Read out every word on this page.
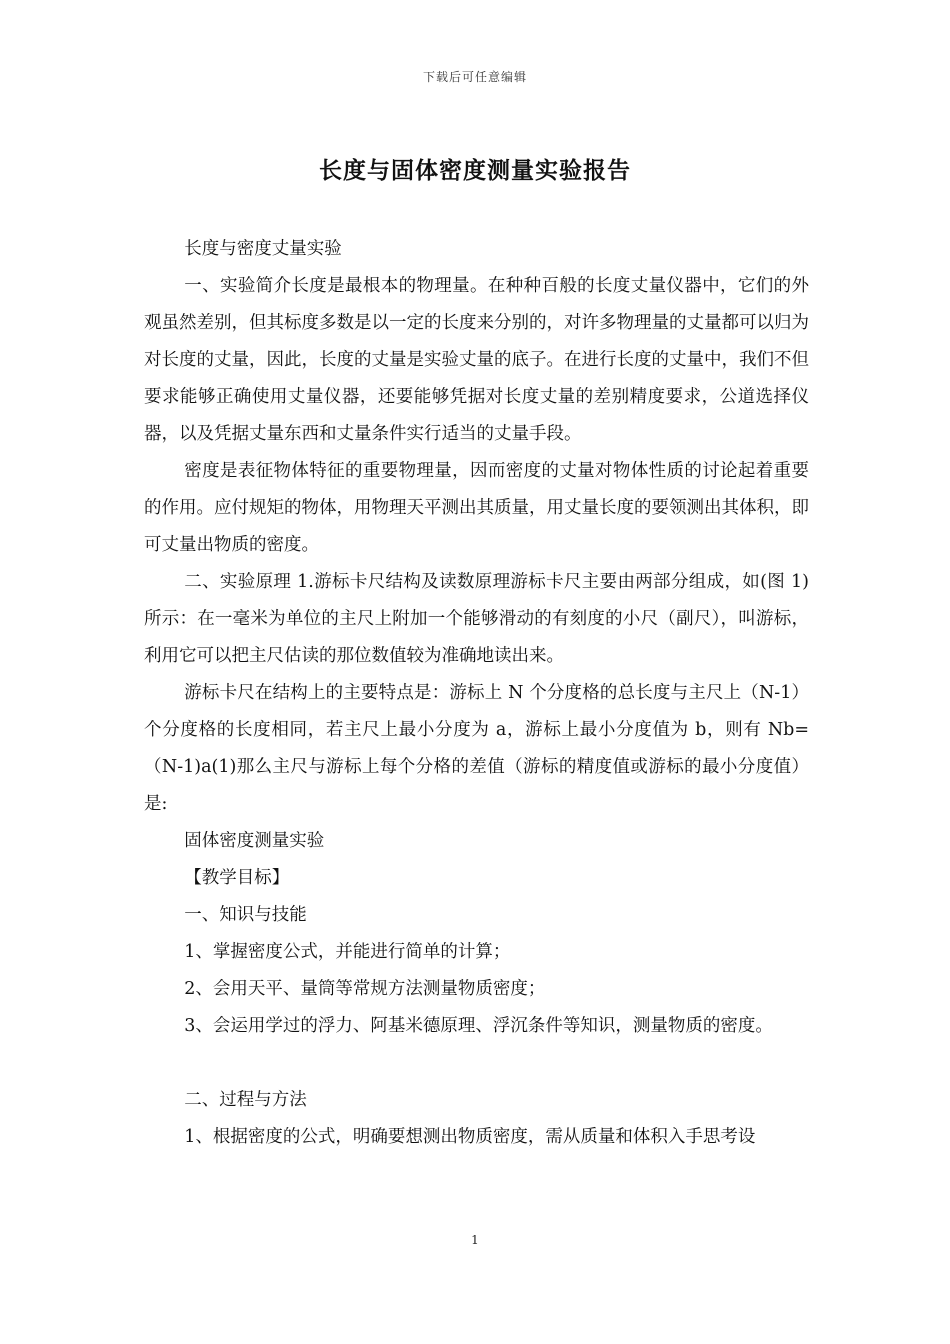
下载后可任意编辑
长度与固体密度测量实验报告

长度与密度丈量实验

一、实验简介长度是最根本的物理量。在种种百般的长度丈量仪器中，它们的外观虽然差别，但其标度多数是以一定的长度来分别的，对许多物理量的丈量都可以归为对长度的丈量，因此，长度的丈量是实验丈量的底子。在进行长度的丈量中，我们不但要求能够正确使用丈量仪器，还要能够凭据对长度丈量的差别精度要求，公道选择仪器，以及凭据丈量东西和丈量条件实行适当的丈量手段。

密度是表征物体特征的重要物理量，因而密度的丈量对物体性质的讨论起着重要的作用。应付规矩的物体，用物理天平测出其质量，用丈量长度的要领测出其体积，即可丈量出物质的密度。

二、实验原理 1.游标卡尺结构及读数原理游标卡尺主要由两部分组成，如(图 1)所示：在一毫米为单位的主尺上附加一个能够滑动的有刻度的小尺（副尺），叫游标，利用它可以把主尺估读的那位数值较为准确地读出来。

游标卡尺在结构上的主要特点是：游标上 N 个分度格的总长度与主尺上（N-1）个分度格的长度相同，若主尺上最小分度为 a，游标上最小分度值为 b，则有 Nb=（N-1)a(1)那么主尺与游标上每个分格的差值（游标的精度值或游标的最小分度值）是:

固体密度测量实验

【教学目标】

一、知识与技能

1、掌握密度公式，并能进行简单的计算；

2、会用天平、量筒等常规方法测量物质密度；

3、会运用学过的浮力、阿基米德原理、浮沉条件等知识，测量物质的密度。

二、过程与方法

1、根据密度的公式，明确要想测出物质密度，需从质量和体积入手思考设

1
